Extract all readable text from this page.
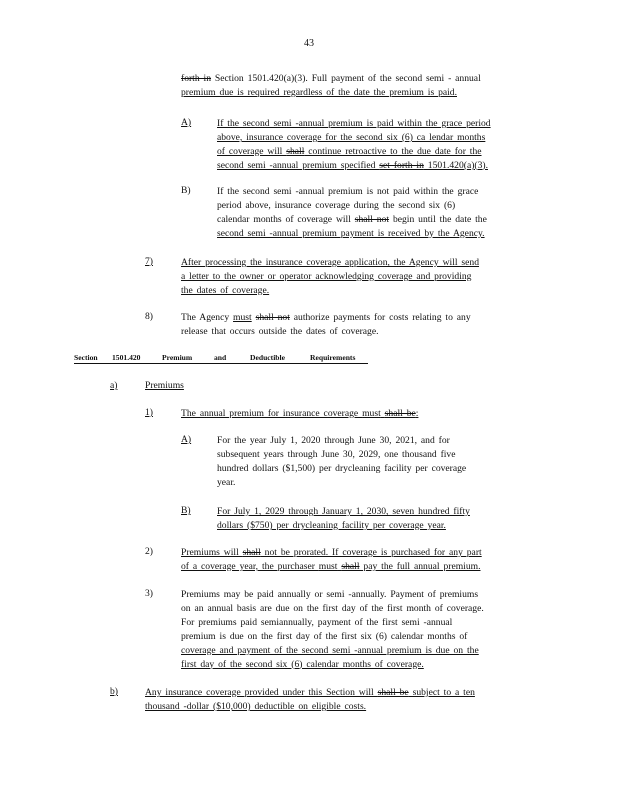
43
forth in Section 1501.420(a)(3). Full payment of the second semi - annual
premium due is required regardless of the date the premium is paid.
A)	If the second semi -annual premium is paid within the grace period
above, insurance coverage for the second six (6) ca lendar months
of coverage will shall continue retroactive to the due date for the
second semi -annual premium specified set forth in 1501.420(a)(3).
B)	If the second semi -annual premium is not paid within the grace
period above, insurance coverage during the second six (6)
calendar months of coverage will shall not begin until the date the
second semi -annual premium payment is received by the Agency.
7)	After processing the insurance coverage application, the Agency will send
a letter to the owner or operator acknowledging coverage and providing
the dates of coverage.
8)	The Agency must shall not authorize payments for costs relating to any
release that occurs outside the dates of coverage.
Section 1501.420	Premium	and	Deductible	Requirements
a)	Premiums
1)	The annual premium for insurance coverage must shall be:
A)	For the year July 1, 2020 through June 30, 2021, and for
subsequent years through June 30, 2029, one thousand five
hundred dollars ($1,500) per drycleaning facility per coverage
year.
B)	For July 1, 2029 through January 1, 2030, seven hundred fifty
dollars ($750) per drycleaning facility per coverage year.
2)	Premiums will shall not be prorated. If coverage is purchased for any part
of a coverage year, the purchaser must shall pay the full annual premium.
3)	Premiums may be paid annually or semi -annually. Payment of premiums
on an annual basis are due on the first day of the first month of coverage.
For premiums paid semiannually, payment of the first semi -annual
premium is due on the first day of the first six (6) calendar months of
coverage and payment of the second semi -annual premium is due on the
first day of the second six (6) calendar months of coverage.
b)	Any insurance coverage provided under this Section will shall be subject to a ten
thousand -dollar ($10,000) deductible on eligible costs.
